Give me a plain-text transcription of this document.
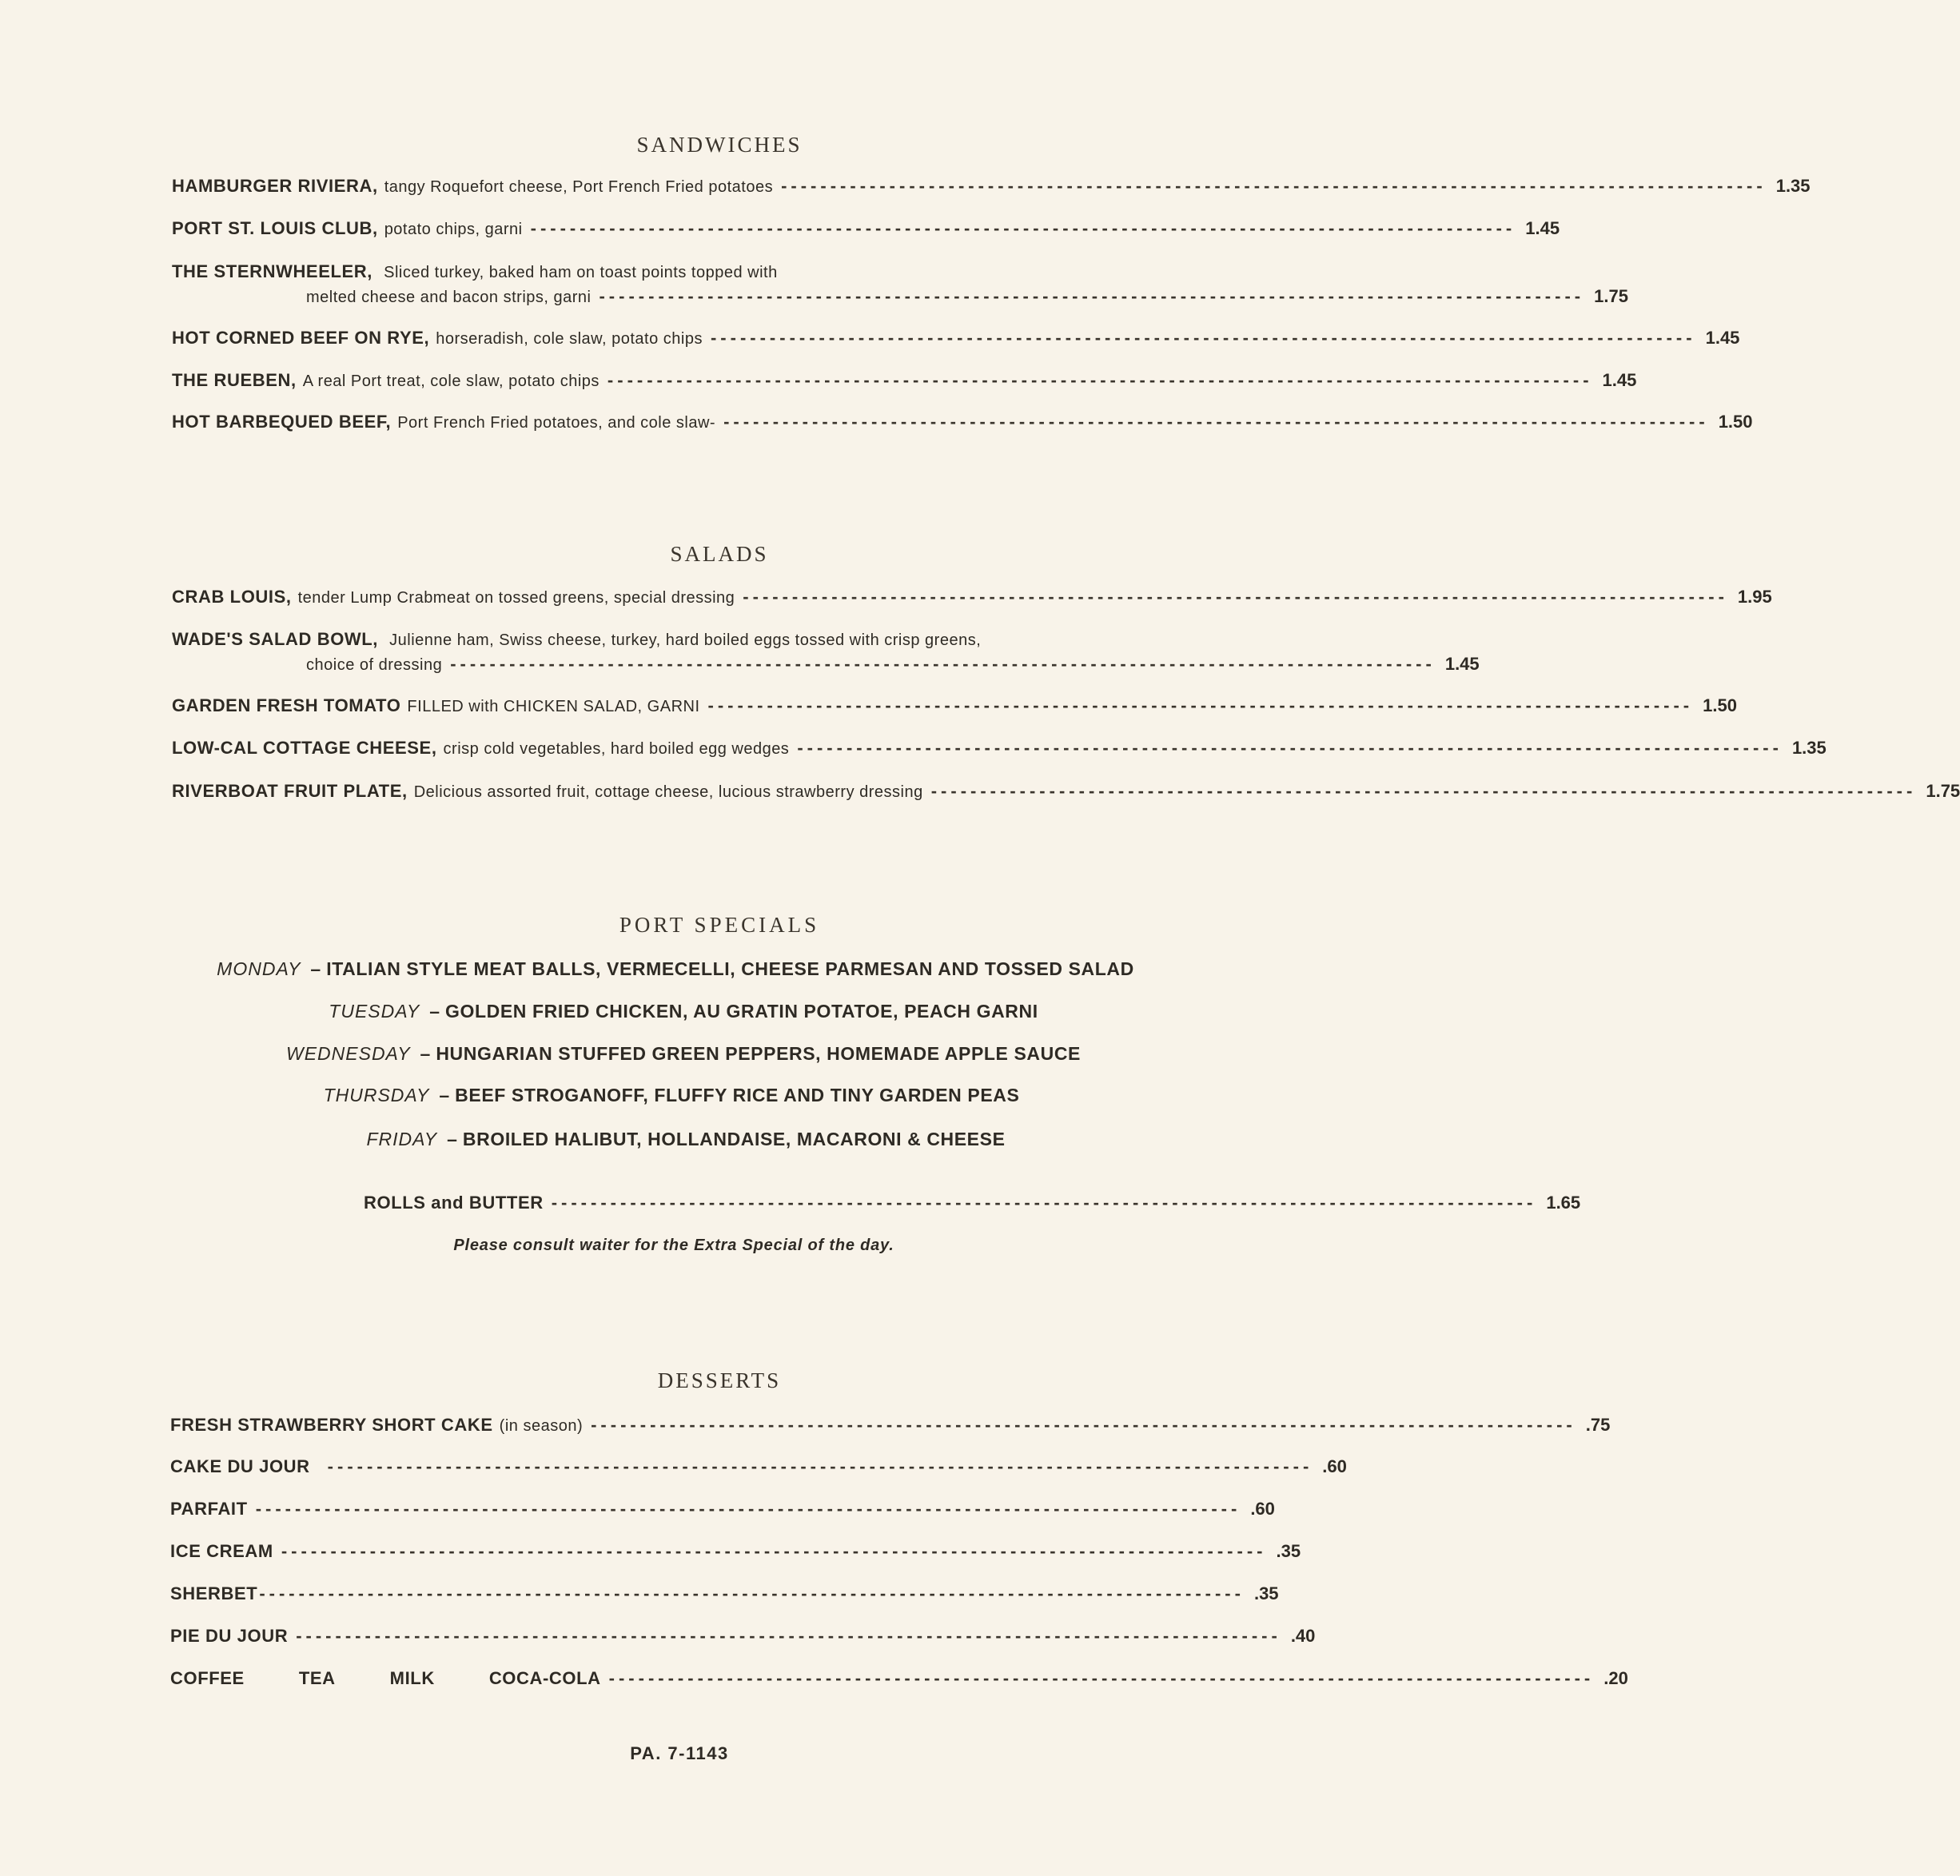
SANDWICHES
HAMBURGER RIVIERA, tangy Roquefort cheese, Port French Fried potatoes ---------------------------------------------------------------------------------------------------- 1.35
PORT ST. LOUIS CLUB, potato chips, garni ---------------------------------------------------------------------------------------------------- 1.45
THE STERNWHEELER, Sliced turkey, baked ham on toast points topped with
melted cheese and bacon strips, garni ---------------------------------------------------------------------------------------------------- 1.75
HOT CORNED BEEF ON RYE, horseradish, cole slaw, potato chips ---------------------------------------------------------------------------------------------------- 1.45
THE RUEBEN, A real Port treat, cole slaw, potato chips ---------------------------------------------------------------------------------------------------- 1.45
HOT BARBEQUED BEEF, Port French Fried potatoes, and cole slaw- ---------------------------------------------------------------------------------------------------- 1.50
SALADS
CRAB LOUIS, tender Lump Crabmeat on tossed greens, special dressing ---------------------------------------------------------------------------------------------------- 1.95
WADE'S SALAD BOWL, Julienne ham, Swiss cheese, turkey, hard boiled eggs tossed with crisp greens,
choice of dressing ---------------------------------------------------------------------------------------------------- 1.45
GARDEN FRESH TOMATO FILLED with CHICKEN SALAD, GARNI ---------------------------------------------------------------------------------------------------- 1.50
LOW-CAL COTTAGE CHEESE, crisp cold vegetables, hard boiled egg wedges ---------------------------------------------------------------------------------------------------- 1.35
RIVERBOAT FRUIT PLATE, Delicious assorted fruit, cottage cheese, lucious strawberry dressing ---------------------------------------------------------------------------------------------------- 1.75
PORT SPECIALS
MONDAY – ITALIAN STYLE MEAT BALLS, VERMECELLI, CHEESE PARMESAN AND TOSSED SALAD
TUESDAY – GOLDEN FRIED CHICKEN, AU GRATIN POTATOE, PEACH GARNI
WEDNESDAY – HUNGARIAN STUFFED GREEN PEPPERS, HOMEMADE APPLE SAUCE
THURSDAY – BEEF STROGANOFF, FLUFFY RICE AND TINY GARDEN PEAS
FRIDAY – BROILED HALIBUT, HOLLANDAISE, MACARONI & CHEESE
ROLLS and BUTTER ---------------------------------------------------------------------------------------------------- 1.65
Please consult waiter for the Extra Special of the day.
DESSERTS
FRESH STRAWBERRY SHORT CAKE (in season) ---------------------------------------------------------------------------------------------------- .75
CAKE DU JOUR ---------------------------------------------------------------------------------------------------- .60
PARFAIT ---------------------------------------------------------------------------------------------------- .60
ICE CREAM ---------------------------------------------------------------------------------------------------- .35
SHERBET ---------------------------------------------------------------------------------------------------- .35
PIE DU JOUR ---------------------------------------------------------------------------------------------------- .40
COFFEE	TEA	MILK	COCA-COLA ---------------------------------------------------------------------------------------------------- .20
PA. 7-1143
